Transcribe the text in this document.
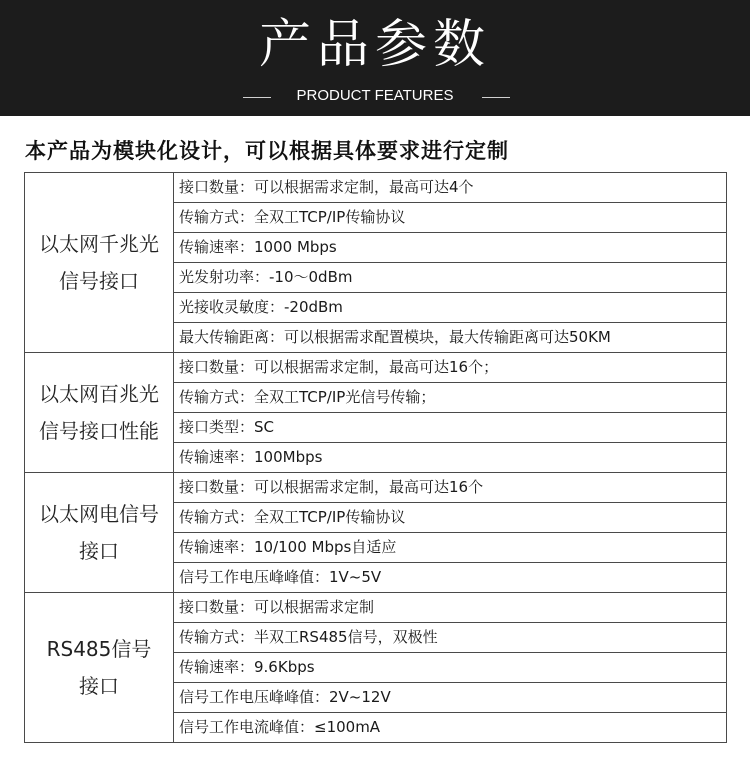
产品参数
PRODUCT FEATURES
本产品为模块化设计，可以根据具体要求进行定制
以太网千兆光
信号接口	接口数量：可以根据需求定制，最高可达4个
	传输方式：全双工TCP/IP传输协议
	传输速率：1000 Mbps
	光发射功率：-10～0dBm
	光接收灵敏度：-20dBm
	最大传输距离：可以根据需求配置模块，最大传输距离可达50KM

以太网百兆光
信号接口性能	接口数量：可以根据需求定制，最高可达16个；
	传输方式：全双工TCP/IP光信号传输；
	接口类型：SC
	传输速率：100Mbps

以太网电信号
接口	接口数量：可以根据需求定制，最高可达16个
	传输方式：全双工TCP/IP传输协议
	传输速率：10/100 Mbps自适应
	信号工作电压峰峰值：1V~5V

RS485信号
接口	接口数量：可以根据需求定制
	传输方式：半双工RS485信号，双极性
	传输速率：9.6Kbps
	信号工作电压峰峰值：2V~12V
	信号工作电流峰值：≤100mA
